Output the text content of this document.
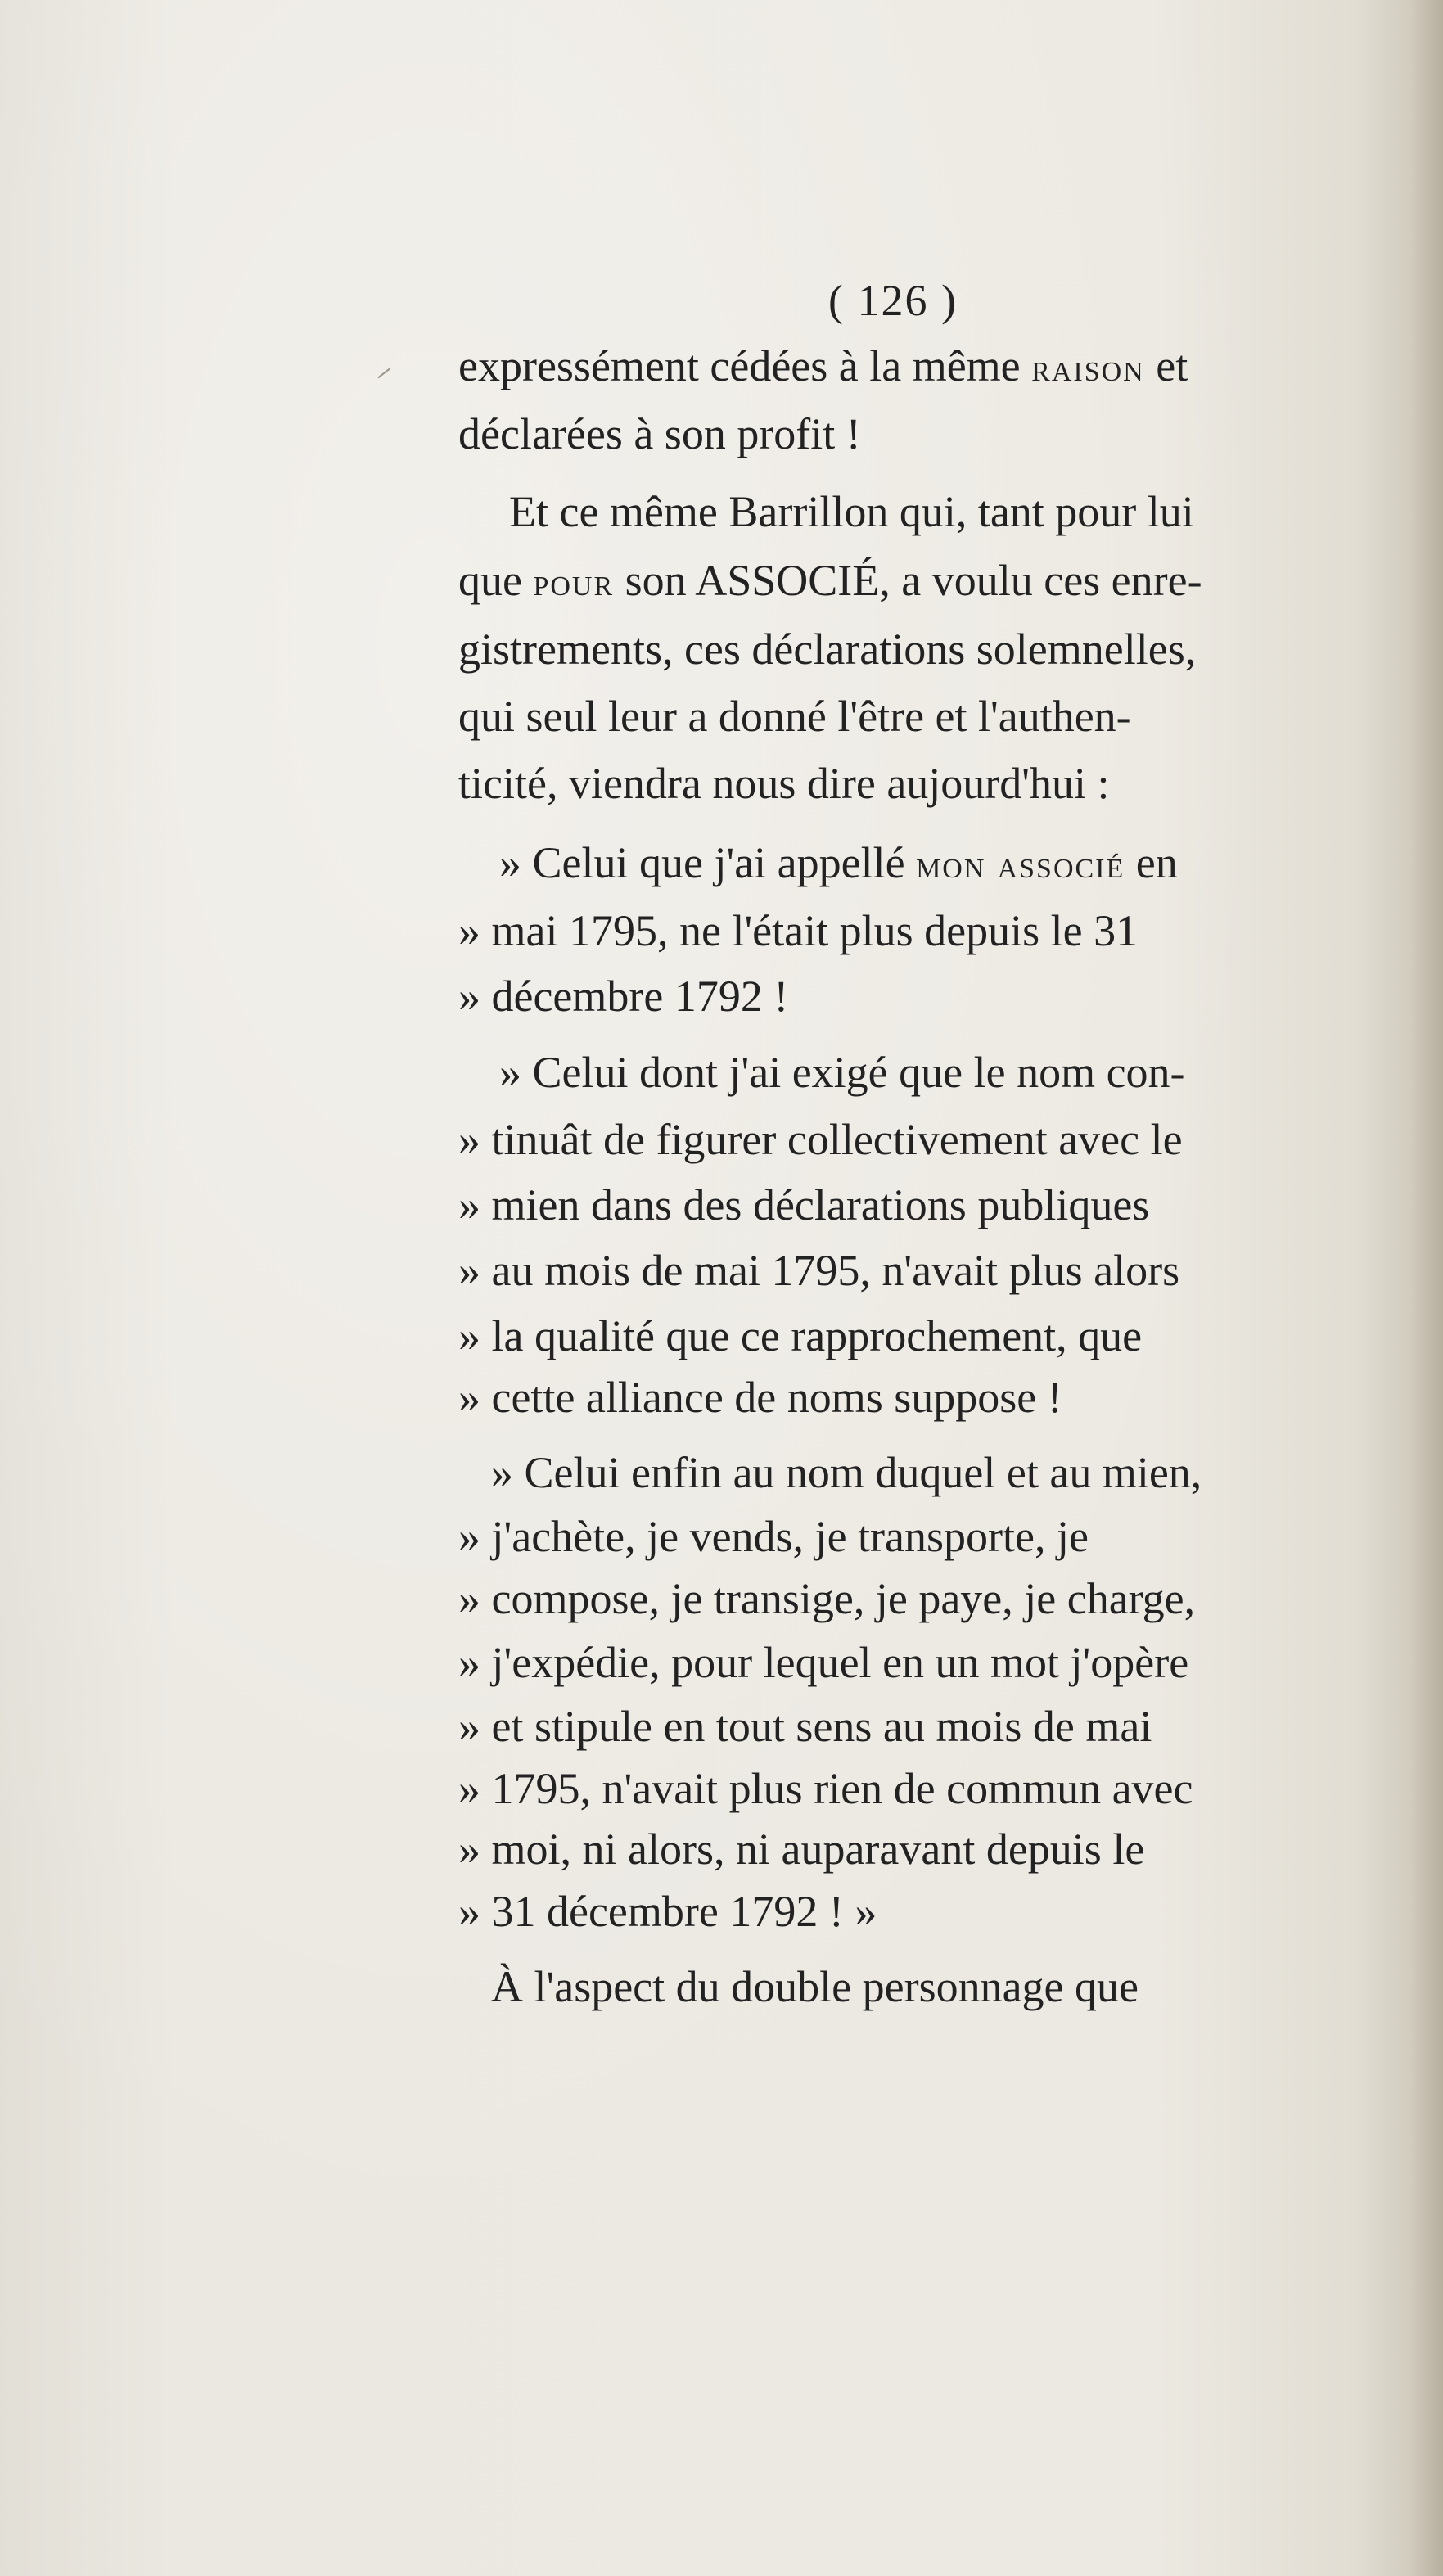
( 126 )
expressément cédées à la même raison et
déclarées à son profit !
Et ce même Barrillon qui, tant pour lui
que pour son ASSOCIÉ, a voulu ces enre-
gistrements, ces déclarations solemnelles,
qui seul leur a donné l'être et l'authen-
ticité, viendra nous dire aujourd'hui :
» Celui que j'ai appellé mon associé en
» mai 1795, ne l'était plus depuis le 31
» décembre 1792 !
» Celui dont j'ai exigé que le nom con-
» tinuât de figurer collectivement avec le
» mien dans des déclarations publiques
» au mois de mai 1795, n'avait plus alors
» la qualité que ce rapprochement, que
» cette alliance de noms suppose !
» Celui enfin au nom duquel et au mien,
» j'achète, je vends, je transporte, je
» compose, je transige, je paye, je charge,
» j'expédie, pour lequel en un mot j'opère
» et stipule en tout sens au mois de mai
» 1795, n'avait plus rien de commun avec
» moi, ni alors, ni auparavant depuis le
» 31 décembre 1792 ! »
À l'aspect du double personnage que
